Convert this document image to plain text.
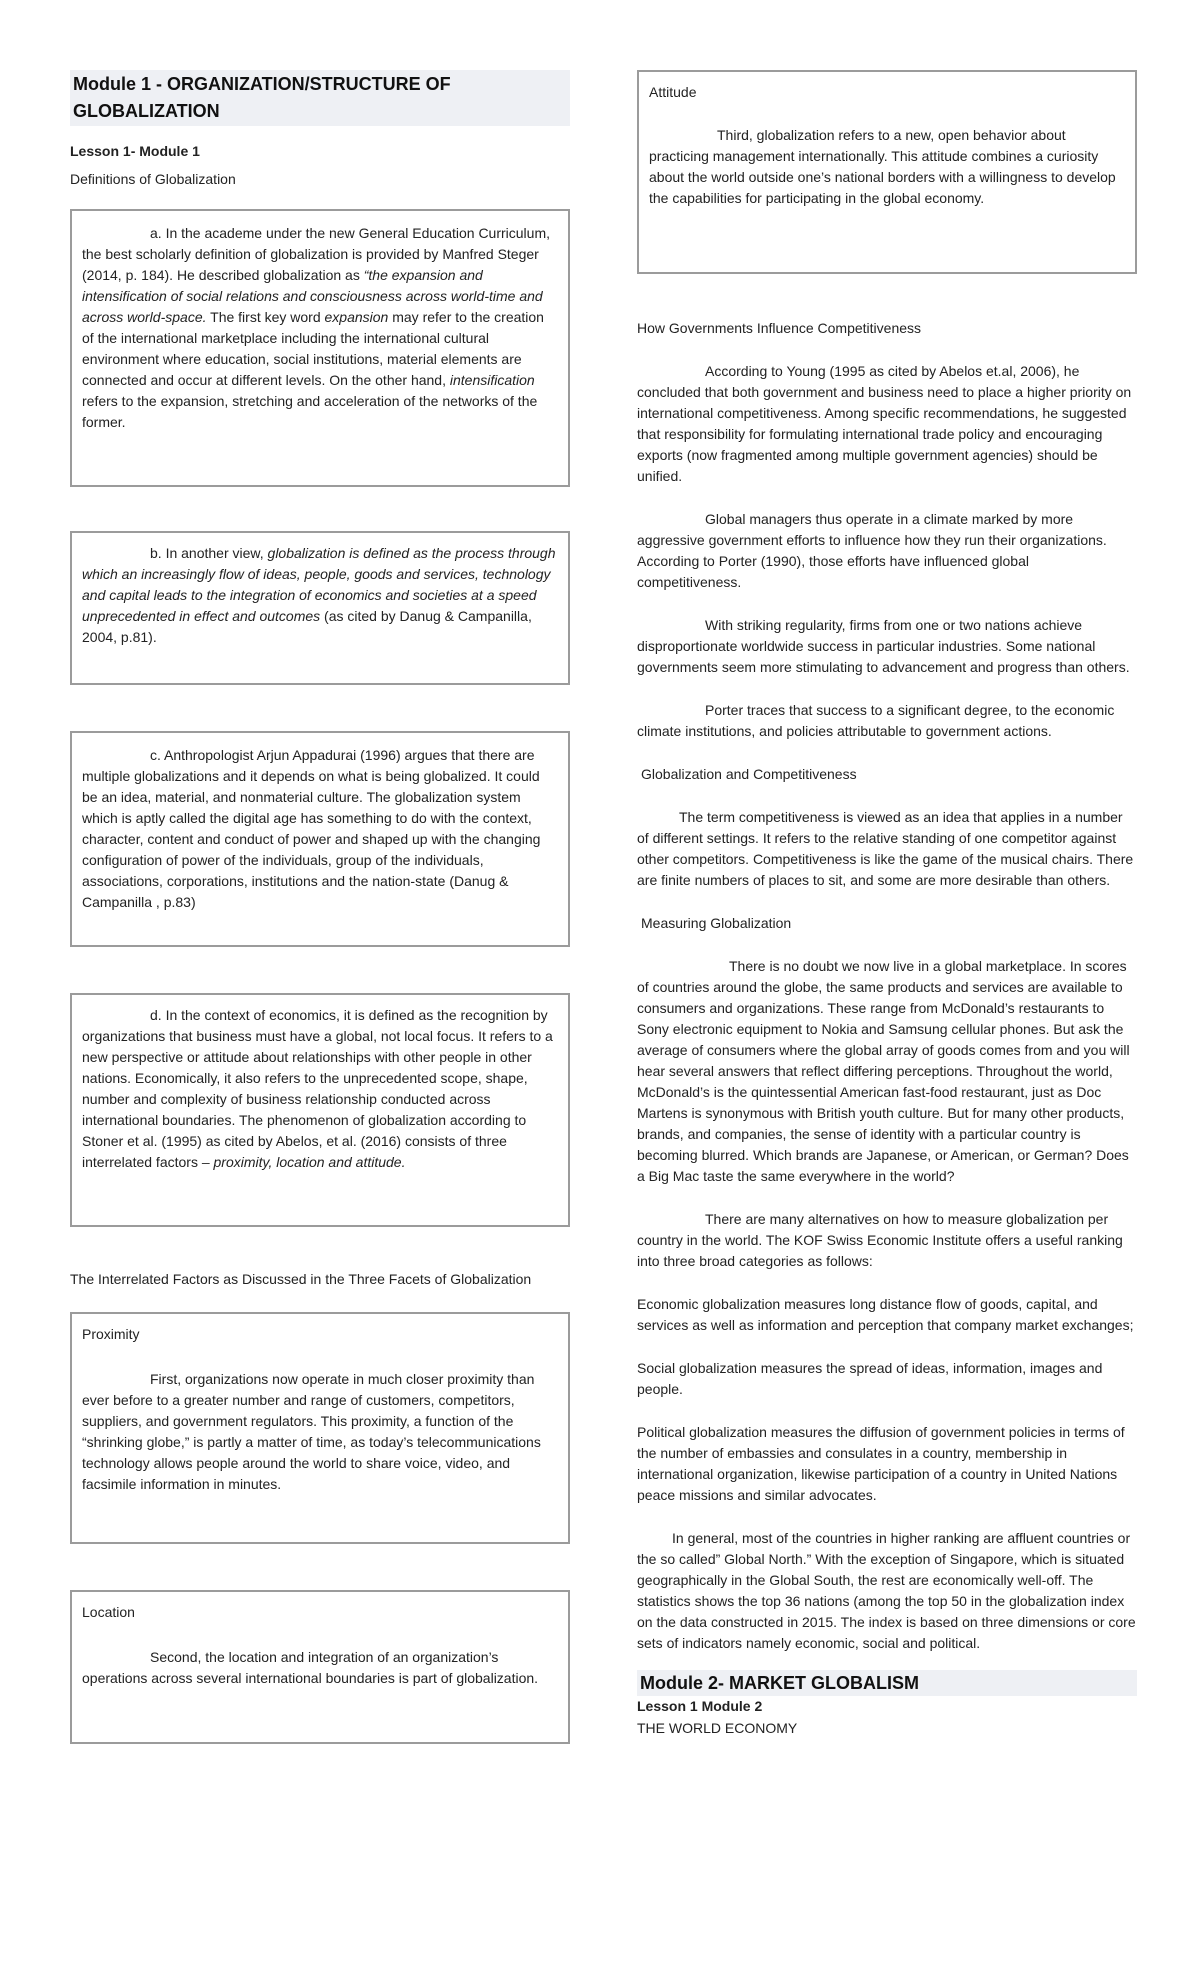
Module 1 - ORGANIZATION/STRUCTURE OF GLOBALIZATION
Lesson 1- Module 1
Definitions of Globalization

a. In the academe under the new General Education Curriculum, the best scholarly definition of globalization is provided by Manfred Steger (2014, p. 184). He described globalization as “the expansion and intensification of social relations and consciousness across world-time and across world-space. The first key word expansion may refer to the creation of the international marketplace including the international cultural environment where education, social institutions, material elements are connected and occur at different levels. On the other hand, intensification refers to the expansion, stretching and acceleration of the networks of the former.

b. In another view, globalization is defined as the process through which an increasingly flow of ideas, people, goods and services, technology and capital leads to the integration of economics and societies at a speed unprecedented in effect and outcomes (as cited by Danug & Campanilla, 2004, p.81).

c. Anthropologist Arjun Appadurai (1996) argues that there are multiple globalizations and it depends on what is being globalized. It could be an idea, material, and nonmaterial culture. The globalization system which is aptly called the digital age has something to do with the context, character, content and conduct of power and shaped up with the changing configuration of power of the individuals, group of the individuals, associations, corporations, institutions and the nation-state (Danug & Campanilla , p.83)

d. In the context of economics, it is defined as the recognition by organizations that business must have a global, not local focus. It refers to a new perspective or attitude about relationships with other people in other nations. Economically, it also refers to the unprecedented scope, shape, number and complexity of business relationship conducted across international boundaries. The phenomenon of globalization according to Stoner et al. (1995) as cited by Abelos, et al. (2016) consists of three interrelated factors – proximity, location and attitude.

The Interrelated Factors as Discussed in the Three Facets of Globalization

Proximity

First, organizations now operate in much closer proximity than ever before to a greater number and range of customers, competitors, suppliers, and government regulators. This proximity, a function of the “shrinking globe,” is partly a matter of time, as today’s telecommunications technology allows people around the world to share voice, video, and facsimile information in minutes.

Location

Second, the location and integration of an organization’s operations across several international boundaries is part of globalization.

Attitude

Third, globalization refers to a new, open behavior about practicing management internationally. This attitude combines a curiosity about the world outside one’s national borders with a willingness to develop the capabilities for participating in the global economy.

How Governments Influence Competitiveness

According to Young (1995 as cited by Abelos et.al, 2006), he concluded that both government and business need to place a higher priority on international competitiveness. Among specific recommendations, he suggested that responsibility for formulating international trade policy and encouraging exports (now fragmented among multiple government agencies) should be unified.

Global managers thus operate in a climate marked by more aggressive government efforts to influence how they run their organizations. According to Porter (1990), those efforts have influenced global competitiveness.

With striking regularity, firms from one or two nations achieve disproportionate worldwide success in particular industries. Some national governments seem more stimulating to advancement and progress than others.

Porter traces that success to a significant degree, to the economic climate institutions, and policies attributable to government actions.

Globalization and Competitiveness

The term competitiveness is viewed as an idea that applies in a number of different settings. It refers to the relative standing of one competitor against other competitors. Competitiveness is like the game of the musical chairs. There are finite numbers of places to sit, and some are more desirable than others.

Measuring Globalization

There is no doubt we now live in a global marketplace. In scores of countries around the globe, the same products and services are available to consumers and organizations. These range from McDonald’s restaurants to Sony electronic equipment to Nokia and Samsung cellular phones. But ask the average of consumers where the global array of goods comes from and you will hear several answers that reflect differing perceptions. Throughout the world, McDonald’s is the quintessential American fast-food restaurant, just as Doc Martens is synonymous with British youth culture. But for many other products, brands, and companies, the sense of identity with a particular country is becoming blurred. Which brands are Japanese, or American, or German? Does a Big Mac taste the same everywhere in the world?

There are many alternatives on how to measure globalization per country in the world. The KOF Swiss Economic Institute offers a useful ranking into three broad categories as follows:

Economic globalization measures long distance flow of goods, capital, and services as well as information and perception that company market exchanges;

Social globalization measures the spread of ideas, information, images and people.

Political globalization measures the diffusion of government policies in terms of the number of embassies and consulates in a country, membership in international organization, likewise participation of a country in United Nations peace missions and similar advocates.

In general, most of the countries in higher ranking are affluent countries or the so called” Global North.” With the exception of Singapore, which is situated geographically in the Global South, the rest are economically well-off. The statistics shows the top 36 nations (among the top 50 in the globalization index on the data constructed in 2015. The index is based on three dimensions or core sets of indicators namely economic, social and political.

Module 2- MARKET GLOBALISM
Lesson 1 Module 2
THE WORLD ECONOMY
